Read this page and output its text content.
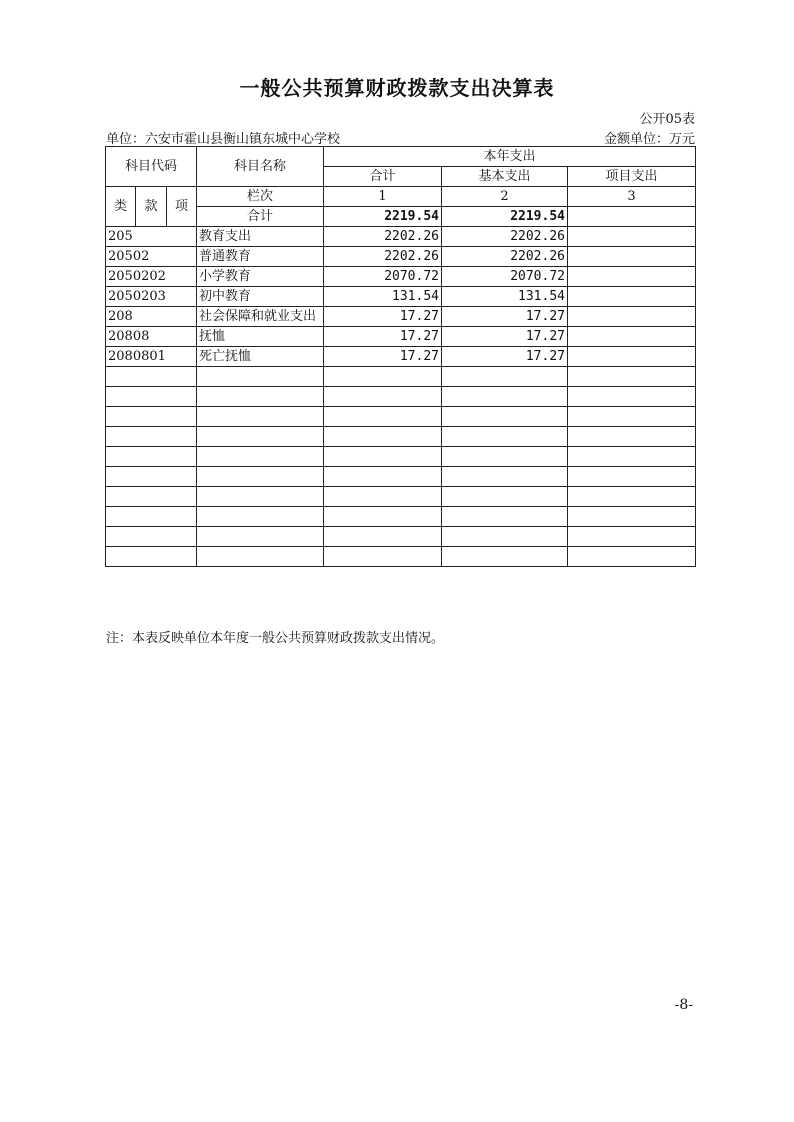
一般公共预算财政拨款支出决算表
公开05表
单位：六安市霍山县衡山镇东城中心学校	金额单位：万元
科目代码			科目名称	本年支出		
				合计	基本支出	项目支出
类	款	项	栏次	1	2	3
			合计	2219.54	2219.54	
205			教育支出	2202.26	2202.26	
20502			普通教育	2202.26	2202.26	
2050202			小学教育	2070.72	2070.72	
2050203			初中教育	131.54	131.54	
208			社会保障和就业支出	17.27	17.27	
20808			抚恤	17.27	17.27	
2080801			死亡抚恤	17.27	17.27	

注：本表反映单位本年度一般公共预算财政拨款支出情况。
-8-
